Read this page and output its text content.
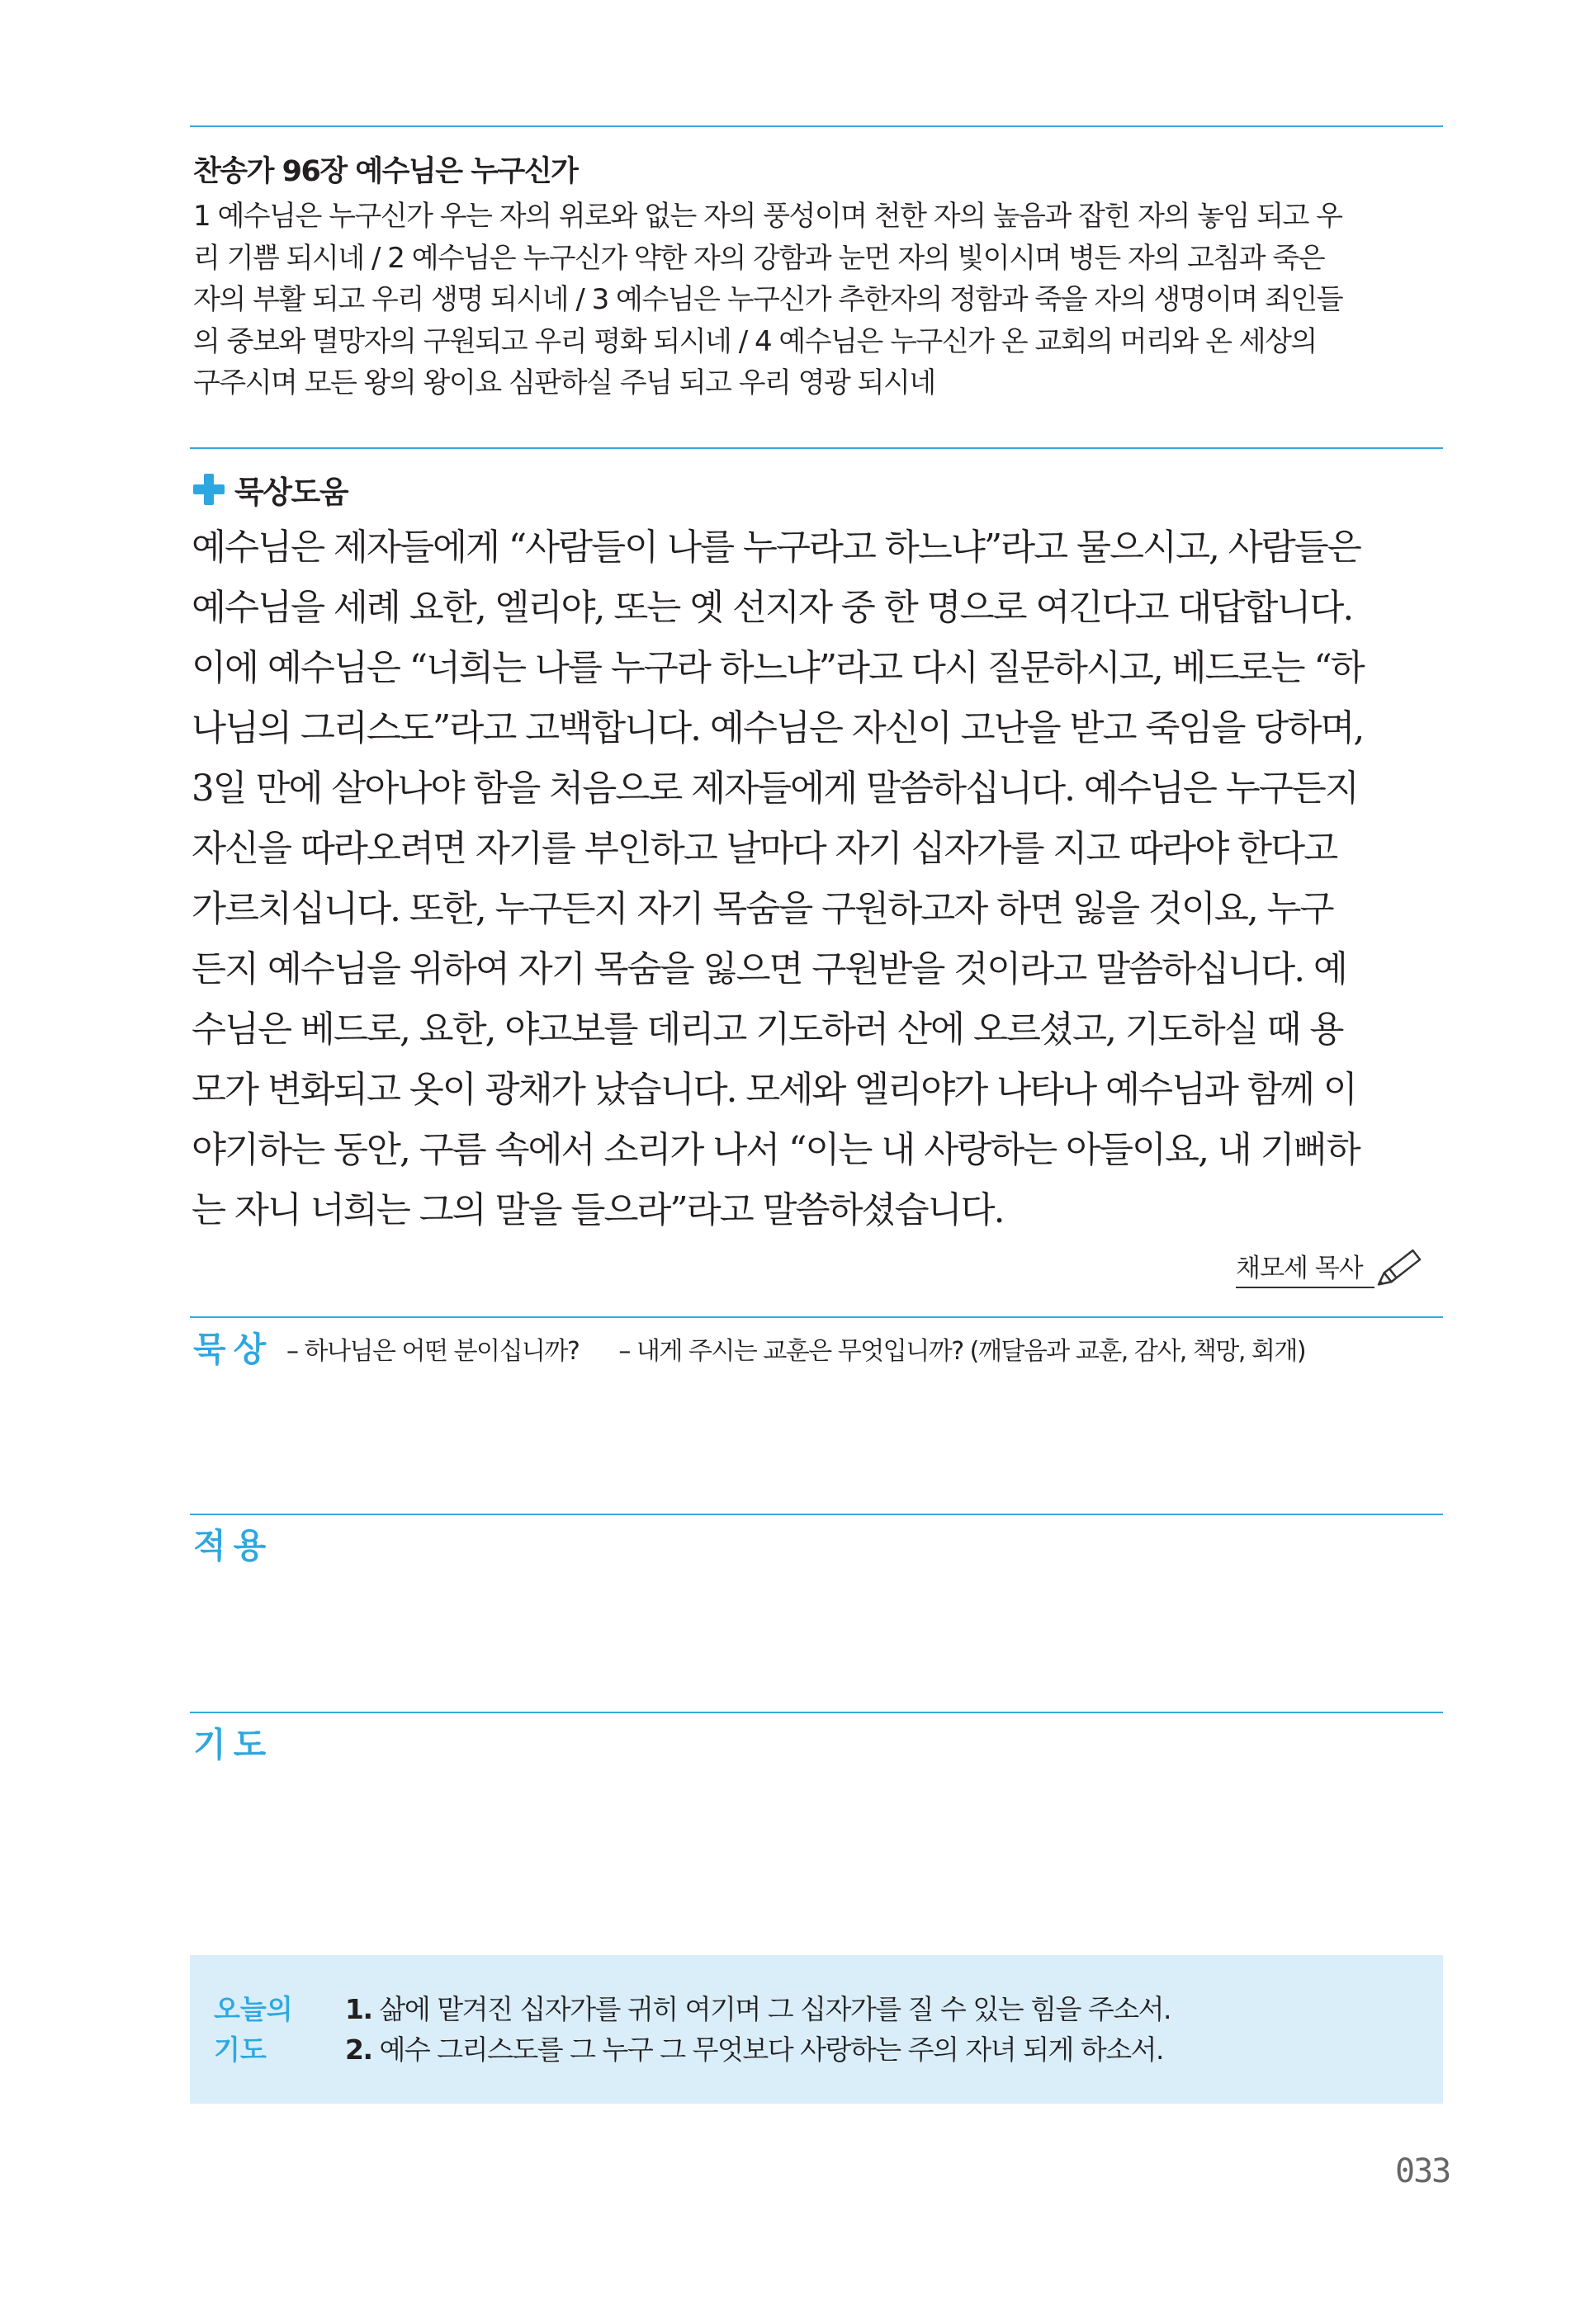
찬송가 96장 예수님은 누구신가
1 예수님은 누구신가 우는 자의 위로와 없는 자의 풍성이며 천한 자의 높음과 잡힌 자의 놓임 되고 우
리 기쁨 되시네 / 2 예수님은 누구신가 약한 자의 강함과 눈먼 자의 빛이시며 병든 자의 고침과 죽은
자의 부활 되고 우리 생명 되시네 / 3 예수님은 누구신가 추한자의 정함과 죽을 자의 생명이며 죄인들
의 중보와 멸망자의 구원되고 우리 평화 되시네 / 4 예수님은 누구신가 온 교회의 머리와 온 세상의
구주시며 모든 왕의 왕이요 심판하실 주님 되고 우리 영광 되시네
묵상도움
예수님은 제자들에게 “사람들이 나를 누구라고 하느냐”라고 물으시고, 사람들은
예수님을 세례 요한, 엘리야, 또는 옛 선지자 중 한 명으로 여긴다고 대답합니다.
이에 예수님은 “너희는 나를 누구라 하느냐”라고 다시 질문하시고, 베드로는 “하
나님의 그리스도”라고 고백합니다. 예수님은 자신이 고난을 받고 죽임을 당하며,
3일 만에 살아나야 함을 처음으로 제자들에게 말씀하십니다. 예수님은 누구든지
자신을 따라오려면 자기를 부인하고 날마다 자기 십자가를 지고 따라야 한다고
가르치십니다. 또한, 누구든지 자기 목숨을 구원하고자 하면 잃을 것이요, 누구
든지 예수님을 위하여 자기 목숨을 잃으면 구원받을 것이라고 말씀하십니다. 예
수님은 베드로, 요한, 야고보를 데리고 기도하러 산에 오르셨고, 기도하실 때 용
모가 변화되고 옷이 광채가 났습니다. 모세와 엘리야가 나타나 예수님과 함께 이
야기하는 동안, 구름 속에서 소리가 나서 “이는 내 사랑하는 아들이요, 내 기뻐하
는 자니 너희는 그의 말을 들으라”라고 말씀하셨습니다.
채모세 목사
묵상 – 하나님은 어떤 분이십니까? – 내게 주시는 교훈은 무엇입니까? (깨달음과 교훈, 감사, 책망, 회개)
적용
기도
오늘의
기도
1. 삶에 맡겨진 십자가를 귀히 여기며 그 십자가를 질 수 있는 힘을 주소서.
2. 예수 그리스도를 그 누구 그 무엇보다 사랑하는 주의 자녀 되게 하소서.
033
